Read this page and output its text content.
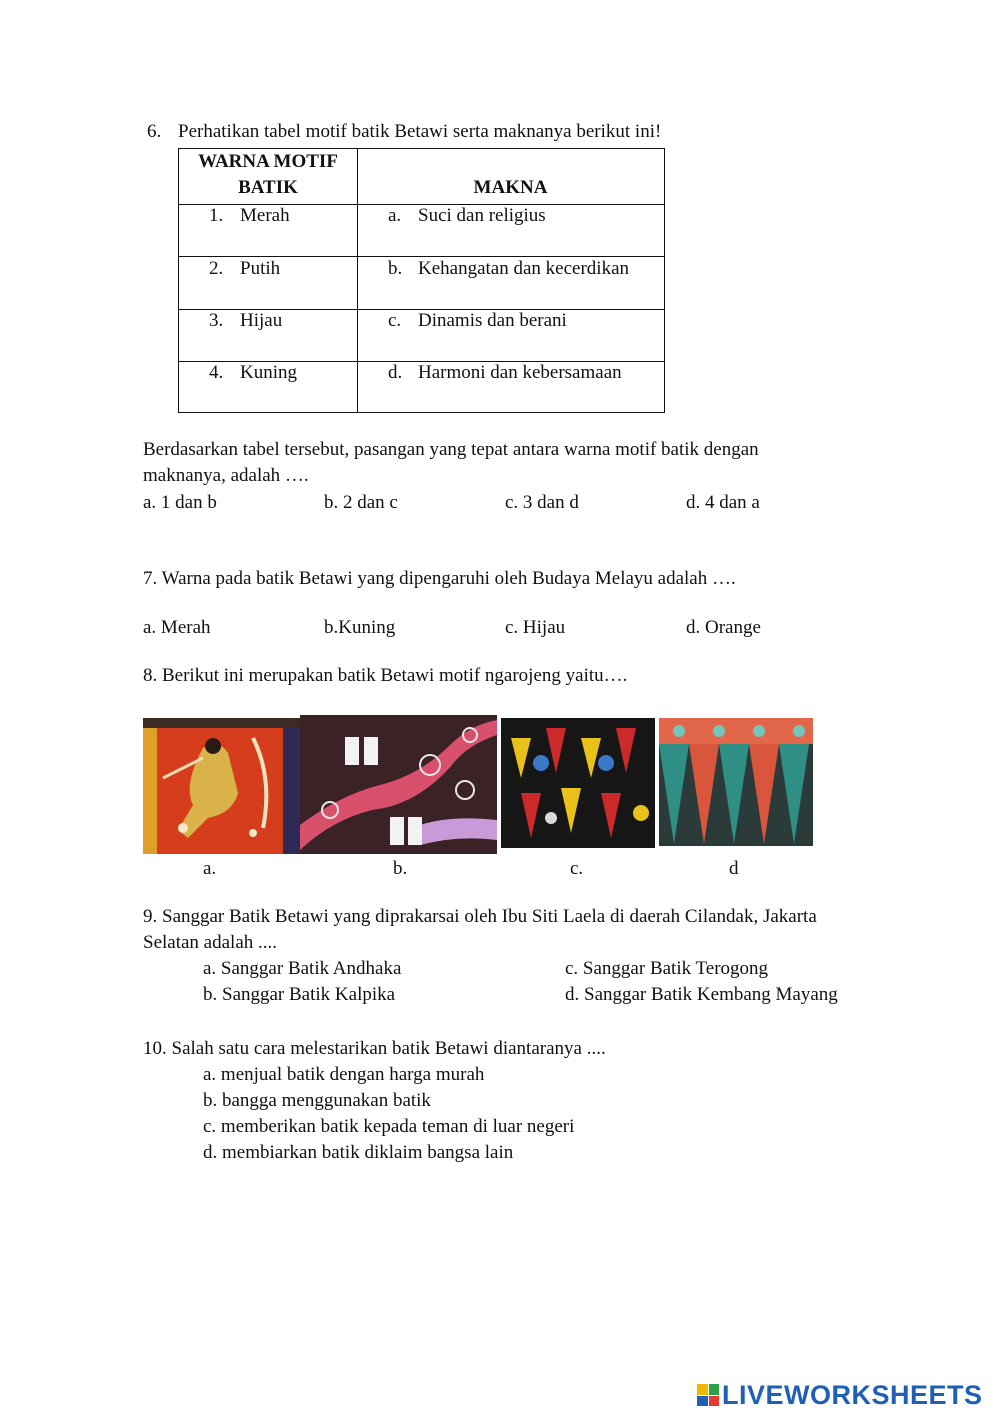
6. Perhatikan tabel motif batik Betawi serta maknanya berikut ini!
WARNA MOTIF
BATIK	MAKNA
1. Merah	a. Suci dan religius
2. Putih	b. Kehangatan dan kecerdikan
3. Hijau	c. Dinamis dan berani
4. Kuning	d. Harmoni dan kebersamaan
Berdasarkan tabel tersebut, pasangan yang tepat antara warna motif batik dengan
maknanya, adalah ….
a. 1 dan b	b. 2 dan c	c. 3 dan d	d. 4 dan a
7. Warna pada batik Betawi yang dipengaruhi oleh Budaya Melayu adalah ….
a. Merah	b.Kuning	c. Hijau	d. Orange
8. Berikut ini merupakan batik Betawi motif ngarojeng yaitu….
a.	b.	c.	d
9. Sanggar Batik Betawi yang diprakarsai oleh Ibu Siti Laela di daerah Cilandak, Jakarta
Selatan adalah ....
a. Sanggar Batik Andhaka	c. Sanggar Batik Terogong
b. Sanggar Batik Kalpika	d. Sanggar Batik Kembang Mayang
10. Salah satu cara melestarikan batik Betawi diantaranya ....
a. menjual batik dengan harga murah
b. bangga menggunakan batik
c. memberikan batik kepada teman di luar negeri
d. membiarkan batik diklaim bangsa lain
LIVEWORKSHEETS
